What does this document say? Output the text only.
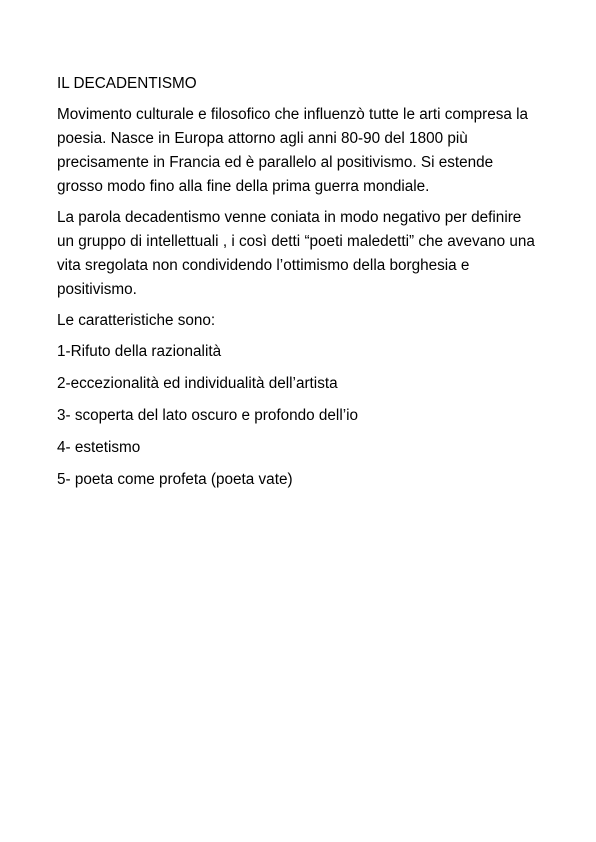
IL DECADENTISMO

Movimento culturale e filosofico che influenzò tutte le arti compresa la poesia. Nasce in Europa attorno agli anni 80-90 del 1800 più precisamente in Francia ed è parallelo al positivismo. Si estende grosso modo fino alla fine della prima guerra mondiale.

La parola decadentismo venne coniata in modo negativo per definire un gruppo di intellettuali , i così detti “poeti maledetti” che avevano una vita sregolata non condividendo l’ottimismo della borghesia e positivismo.

Le caratteristiche sono:

1-Rifuto della razionalità
2-eccezionalità ed individualità dell’artista
3- scoperta del lato oscuro e profondo dell’io
4- estetismo
5- poeta come profeta (poeta vate)
